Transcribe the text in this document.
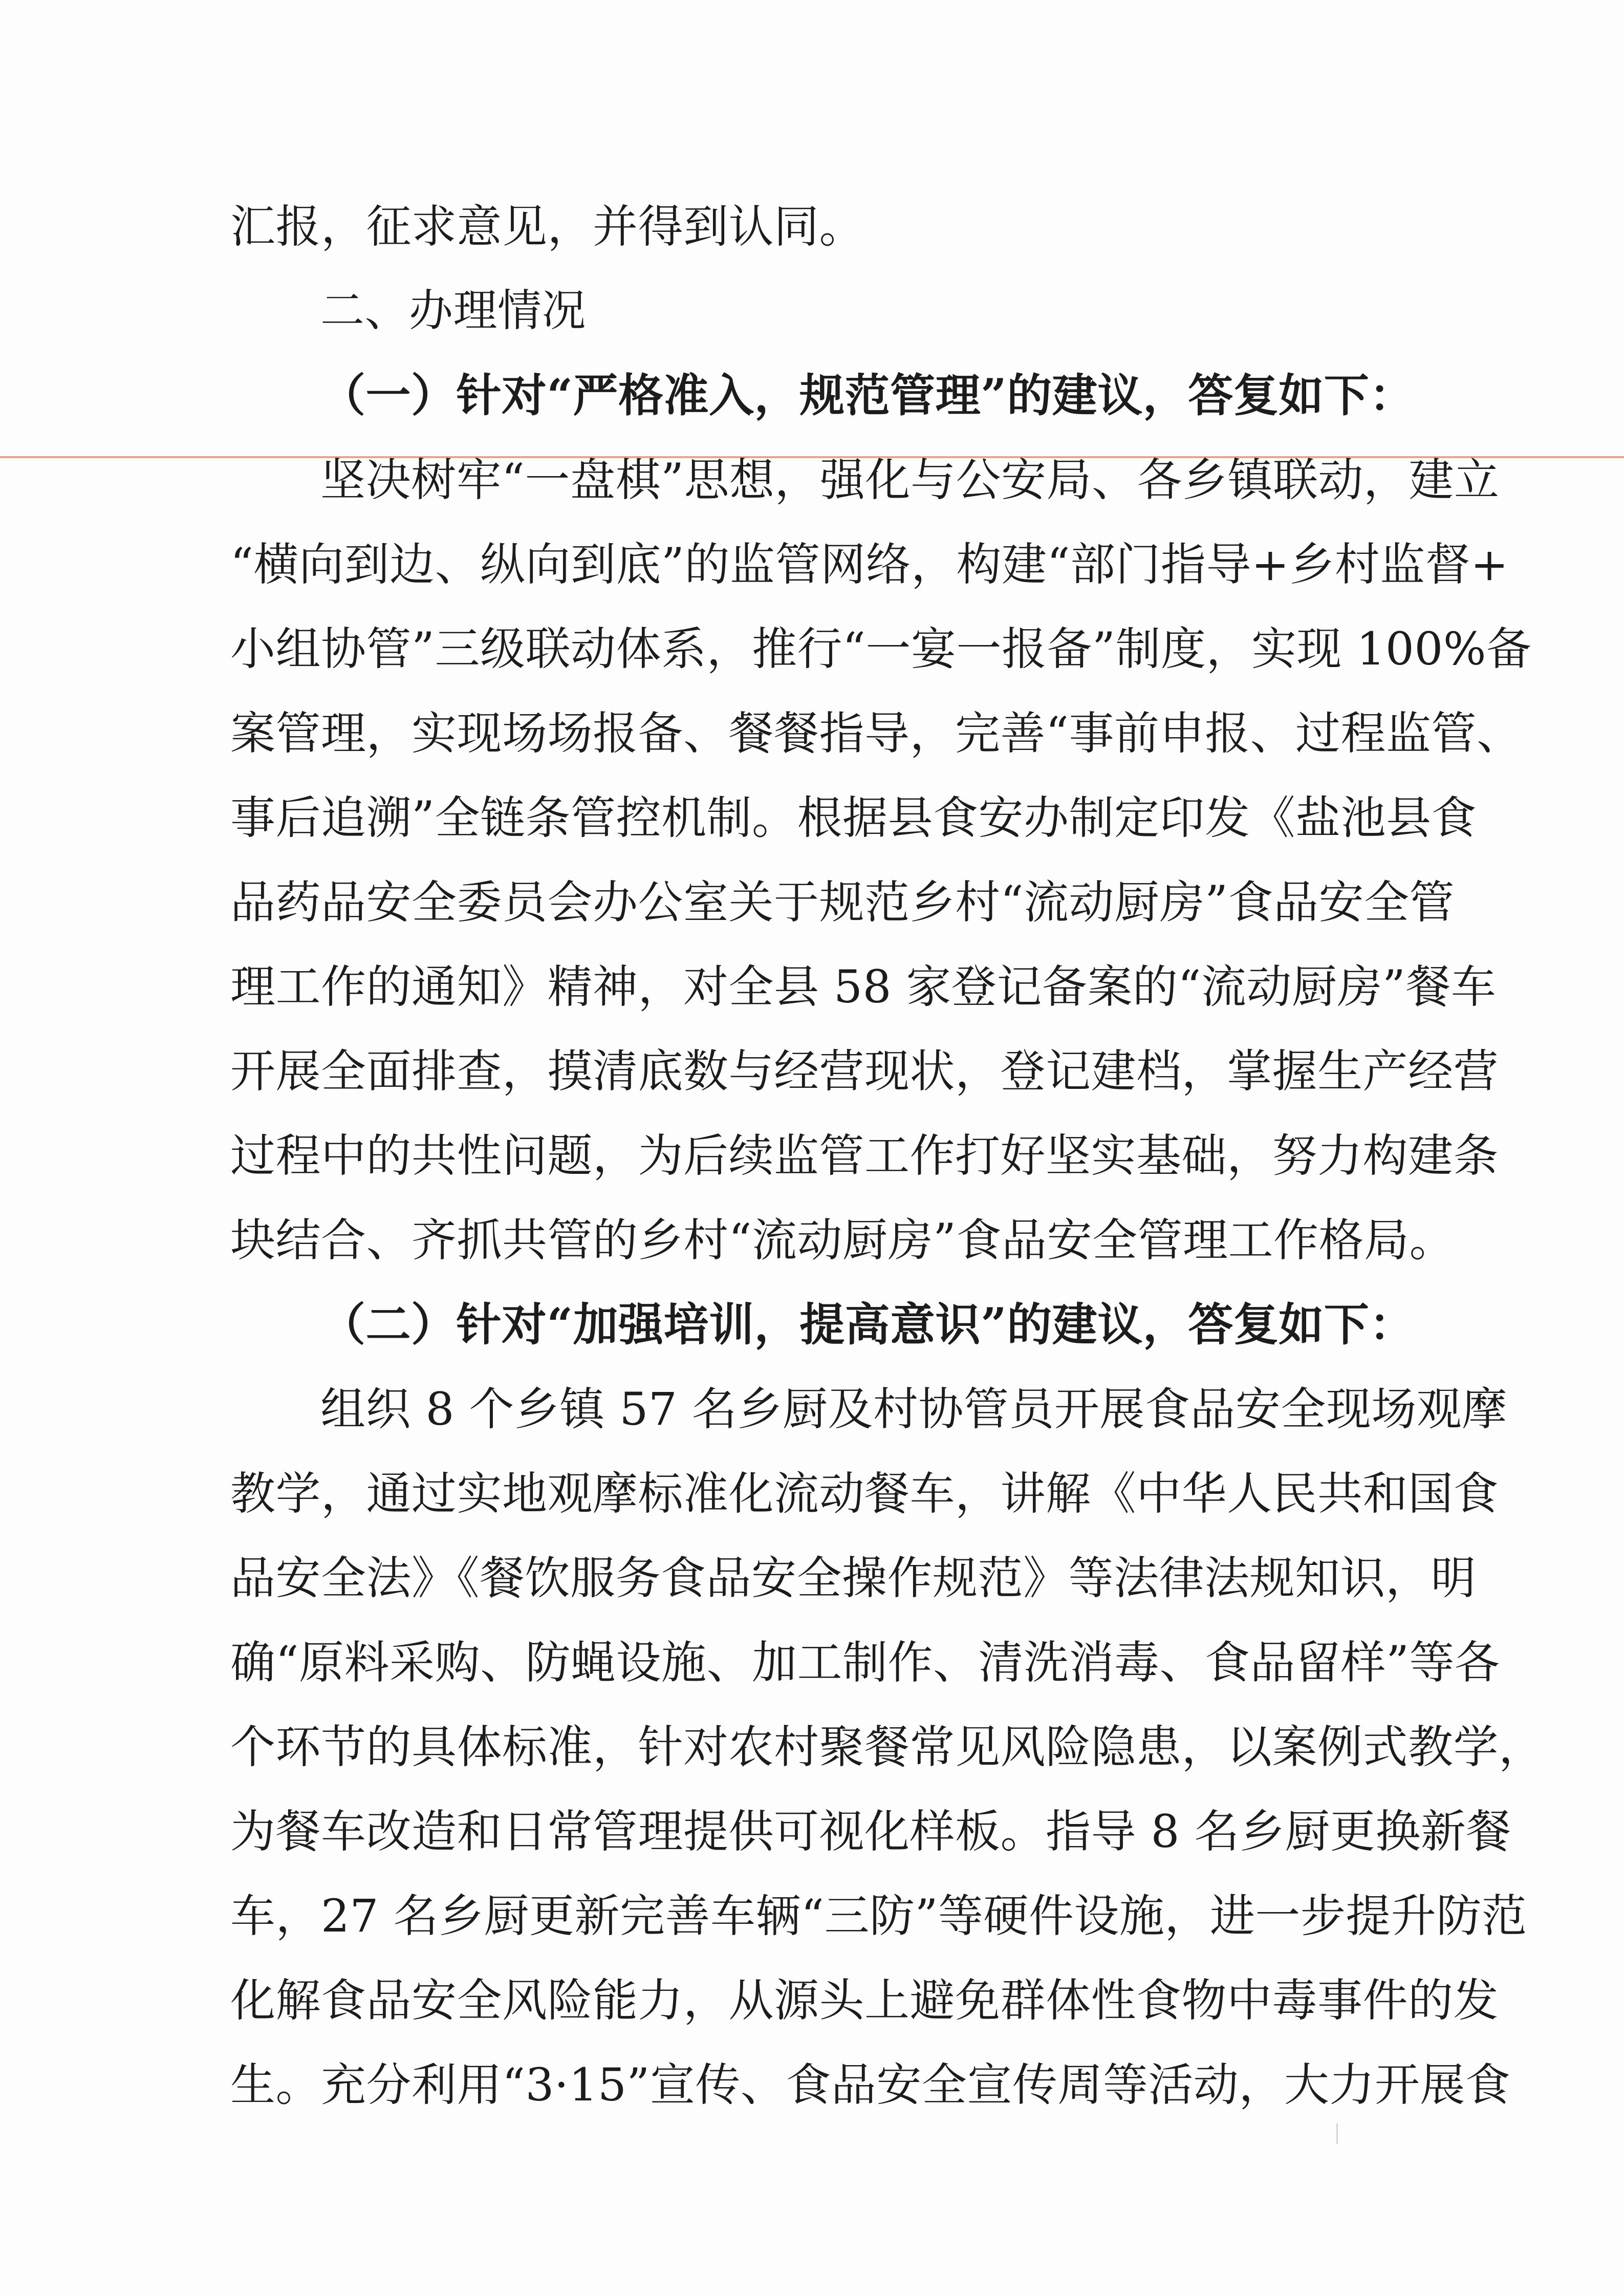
汇报，征求意见，并得到认同。
二、办理情况
（一）针对“严格准入，规范管理”的建议，答复如下：
坚决树牢“一盘棋”思想，强化与公安局、各乡镇联动，建立
“横向到边、纵向到底”的监管网络，构建“部门指导+乡村监督+
小组协管”三级联动体系，推行“一宴一报备”制度，实现 100%备
案管理，实现场场报备、餐餐指导，完善“事前申报、过程监管、
事后追溯”全链条管控机制。根据县食安办制定印发《盐池县食
品药品安全委员会办公室关于规范乡村“流动厨房”食品安全管
理工作的通知》精神，对全县 58 家登记备案的“流动厨房”餐车
开展全面排查，摸清底数与经营现状，登记建档，掌握生产经营
过程中的共性问题，为后续监管工作打好坚实基础，努力构建条
块结合、齐抓共管的乡村“流动厨房”食品安全管理工作格局。
（二）针对“加强培训，提高意识”的建议，答复如下：
组织 8 个乡镇 57 名乡厨及村协管员开展食品安全现场观摩
教学，通过实地观摩标准化流动餐车，讲解《中华人民共和国食
品安全法》《餐饮服务食品安全操作规范》等法律法规知识，明
确“原料采购、防蝇设施、加工制作、清洗消毒、食品留样”等各
个环节的具体标准，针对农村聚餐常见风险隐患，以案例式教学，
为餐车改造和日常管理提供可视化样板。指导 8 名乡厨更换新餐
车，27 名乡厨更新完善车辆“三防”等硬件设施，进一步提升防范
化解食品安全风险能力，从源头上避免群体性食物中毒事件的发
生。充分利用“3·15”宣传、食品安全宣传周等活动，大力开展食
